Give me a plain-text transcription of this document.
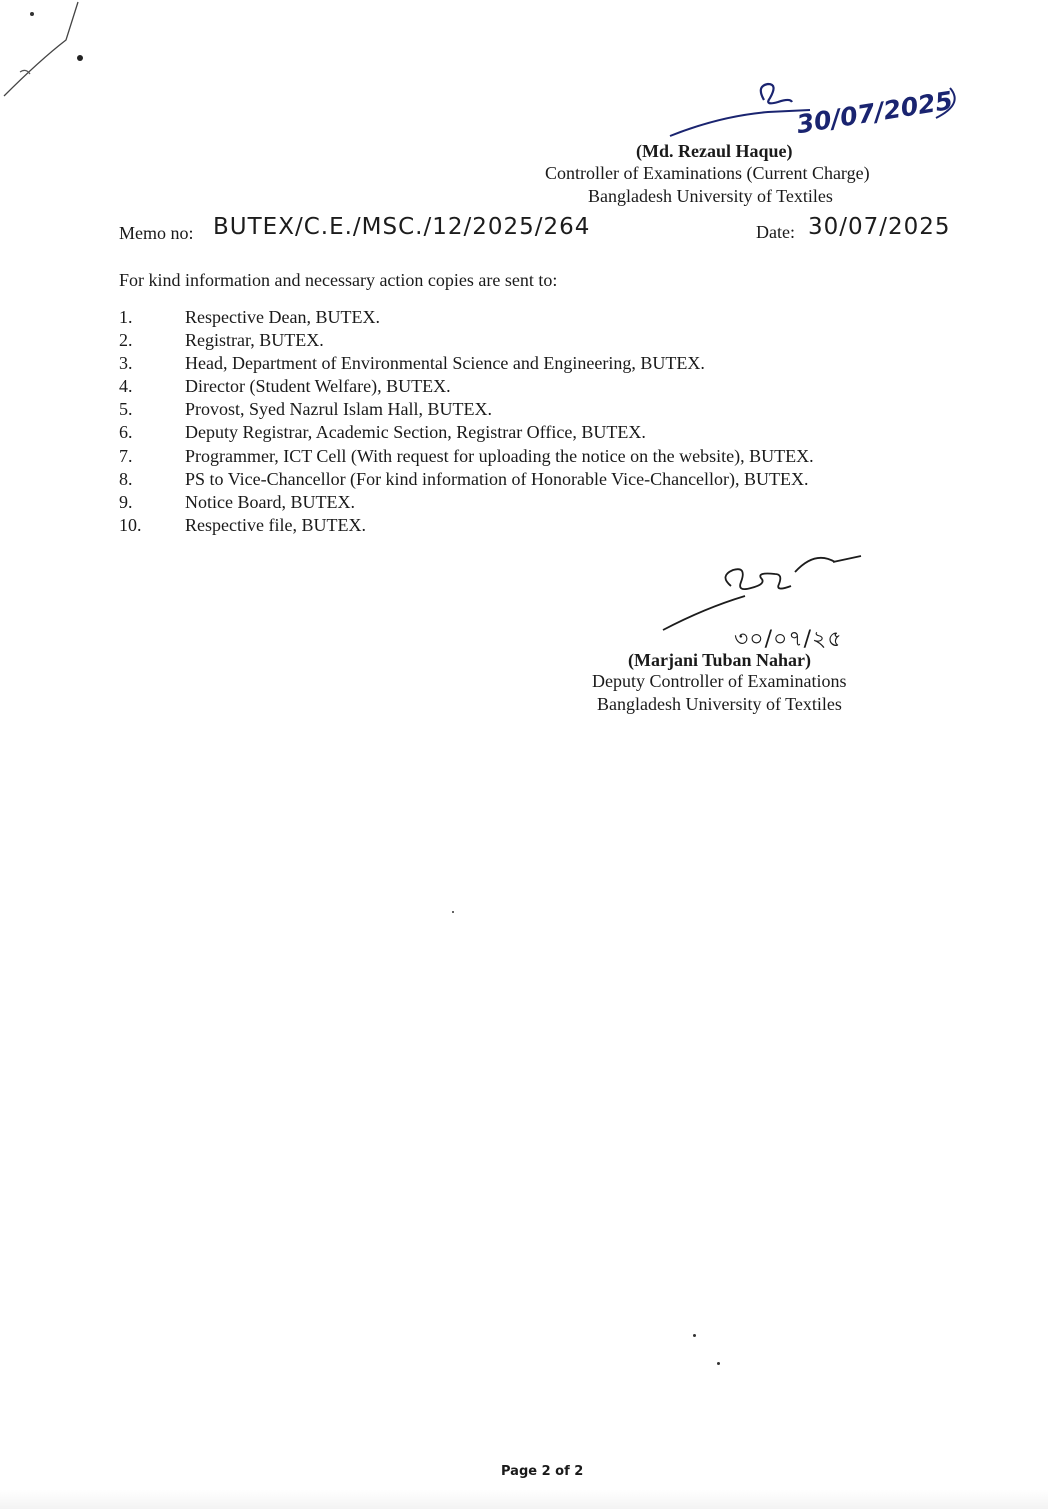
30/07/2025
(Md. Rezaul Haque)
Controller of Examinations (Current Charge)
Bangladesh University of Textiles
Memo no: BUTEX/C.E./MSC./12/2025/264	Date: 30/07/2025
For kind information and necessary action copies are sent to:
1.	Respective Dean, BUTEX.
2.	Registrar, BUTEX.
3.	Head, Department of Environmental Science and Engineering, BUTEX.
4.	Director (Student Welfare), BUTEX.
5.	Provost, Syed Nazrul Islam Hall, BUTEX.
6.	Deputy Registrar, Academic Section, Registrar Office, BUTEX.
7.	Programmer, ICT Cell (With request for uploading the notice on the website), BUTEX.
8.	PS to Vice-Chancellor (For kind information of Honorable Vice-Chancellor), BUTEX.
9.	Notice Board, BUTEX.
10.	Respective file, BUTEX.
৩০/০৭/২৫
(Marjani Tuban Nahar)
Deputy Controller of Examinations
Bangladesh University of Textiles
Page 2 of 2
